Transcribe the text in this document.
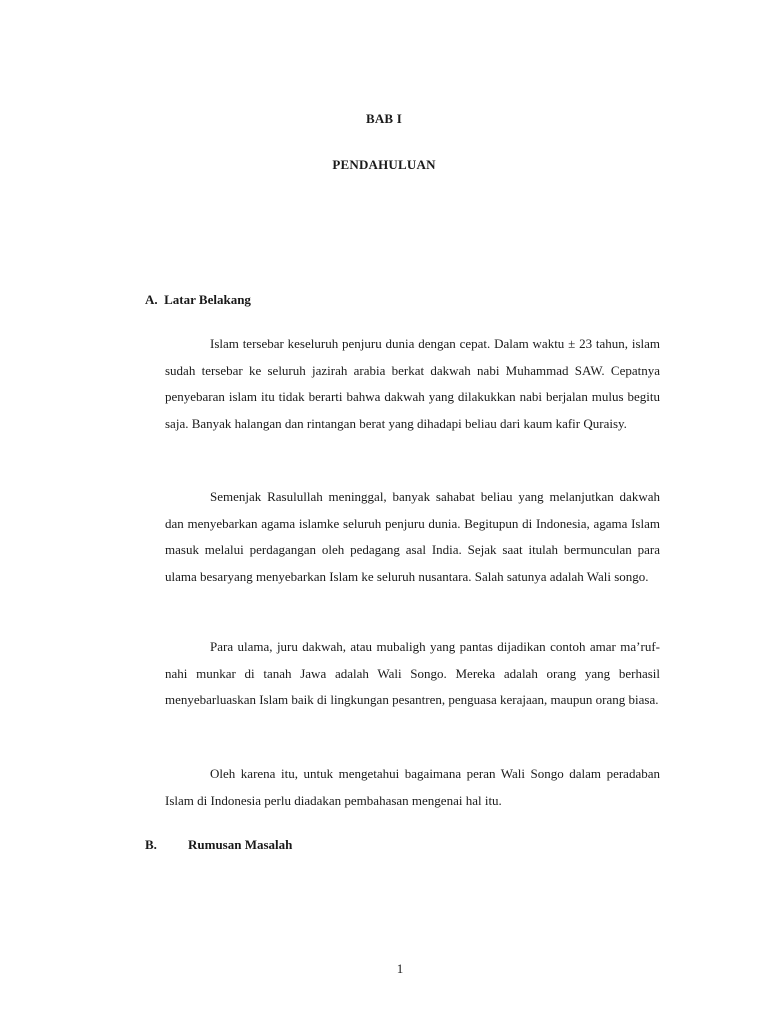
BAB I
PENDAHULUAN
A.  Latar Belakang

Islam tersebar keseluruh penjuru dunia dengan cepat. Dalam waktu ± 23 tahun, islam sudah tersebar ke seluruh jazirah arabia berkat dakwah nabi Muhammad SAW. Cepatnya penyebaran islam itu tidak berarti bahwa dakwah yang dilakukkan nabi berjalan mulus begitu saja. Banyak halangan dan rintangan berat yang dihadapi beliau dari kaum kafir Quraisy.

Semenjak Rasulullah meninggal, banyak sahabat beliau yang melanjutkan dakwah dan menyebarkan agama islamke seluruh penjuru dunia. Begitupun di Indonesia, agama Islam masuk melalui perdagangan oleh pedagang asal India. Sejak saat itulah bermunculan para ulama besaryang menyebarkan Islam ke seluruh nusantara. Salah satunya adalah Wali songo.

Para ulama, juru dakwah, atau mubaligh yang pantas dijadikan contoh amar ma’ruf-nahi munkar di tanah Jawa adalah Wali Songo. Mereka adalah orang yang berhasil menyebarluaskan Islam baik di lingkungan pesantren, penguasa kerajaan, maupun orang biasa.

Oleh karena itu, untuk mengetahui bagaimana peran Wali Songo dalam peradaban Islam di Indonesia perlu diadakan pembahasan mengenai hal itu.

B. Rumusan Masalah
1
